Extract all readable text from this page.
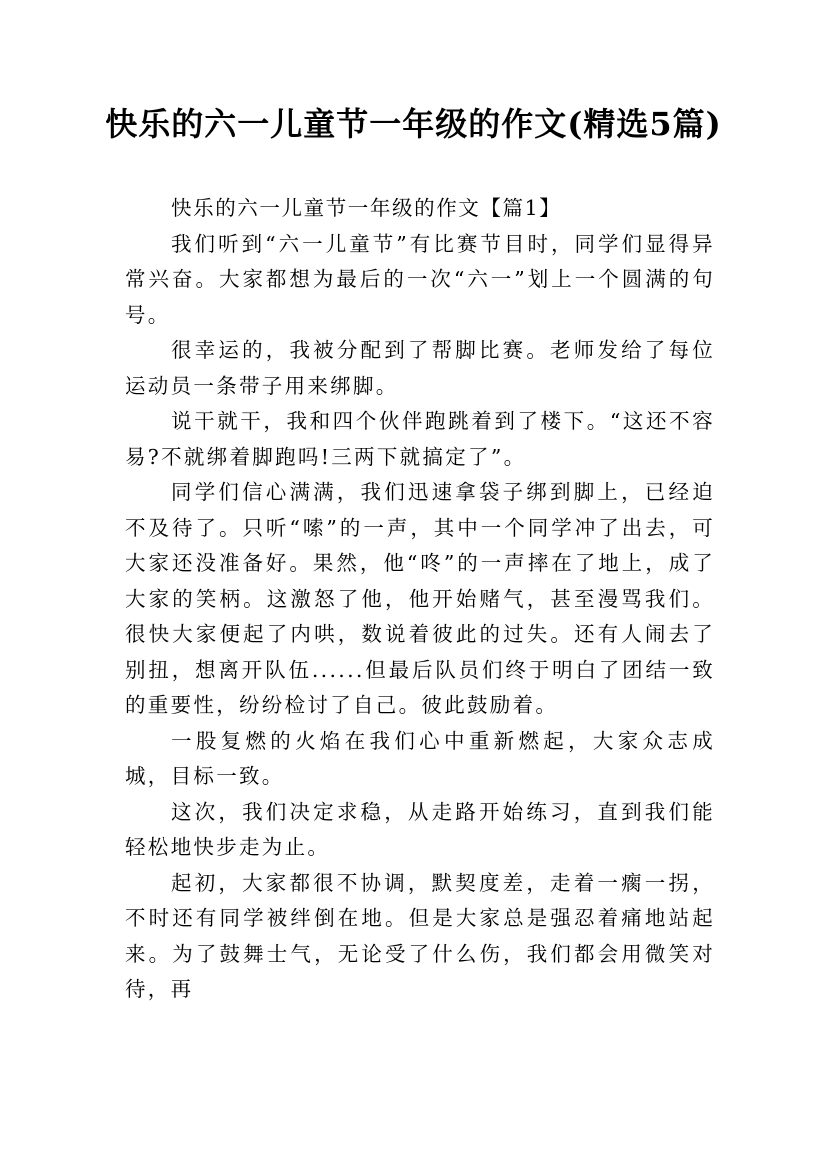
快乐的六一儿童节一年级的作文(精选5篇)

快乐的六一儿童节一年级的作文【篇1】

我们听到“六一儿童节”有比赛节目时，同学们显得异常兴奋。大家都想为最后的一次“六一”划上一个圆满的句号。

很幸运的，我被分配到了帮脚比赛。老师发给了每位运动员一条带子用来绑脚。

说干就干，我和四个伙伴跑跳着到了楼下。“这还不容易?不就绑着脚跑吗!三两下就搞定了”。

同学们信心满满，我们迅速拿袋子绑到脚上，已经迫不及待了。只听“嗦”的一声，其中一个同学冲了出去，可大家还没准备好。果然，他“咚”的一声摔在了地上，成了大家的笑柄。这激怒了他，他开始赌气，甚至漫骂我们。很快大家便起了内哄，数说着彼此的过失。还有人闹去了别扭，想离开队伍......但最后队员们终于明白了团结一致的重要性，纷纷检讨了自己。彼此鼓励着。

一股复燃的火焰在我们心中重新燃起，大家众志成城，目标一致。

这次，我们决定求稳，从走路开始练习，直到我们能轻松地快步走为止。

起初，大家都很不协调，默契度差，走着一瘸一拐，不时还有同学被绊倒在地。但是大家总是强忍着痛地站起来。为了鼓舞士气，无论受了什么伤，我们都会用微笑对待，再
